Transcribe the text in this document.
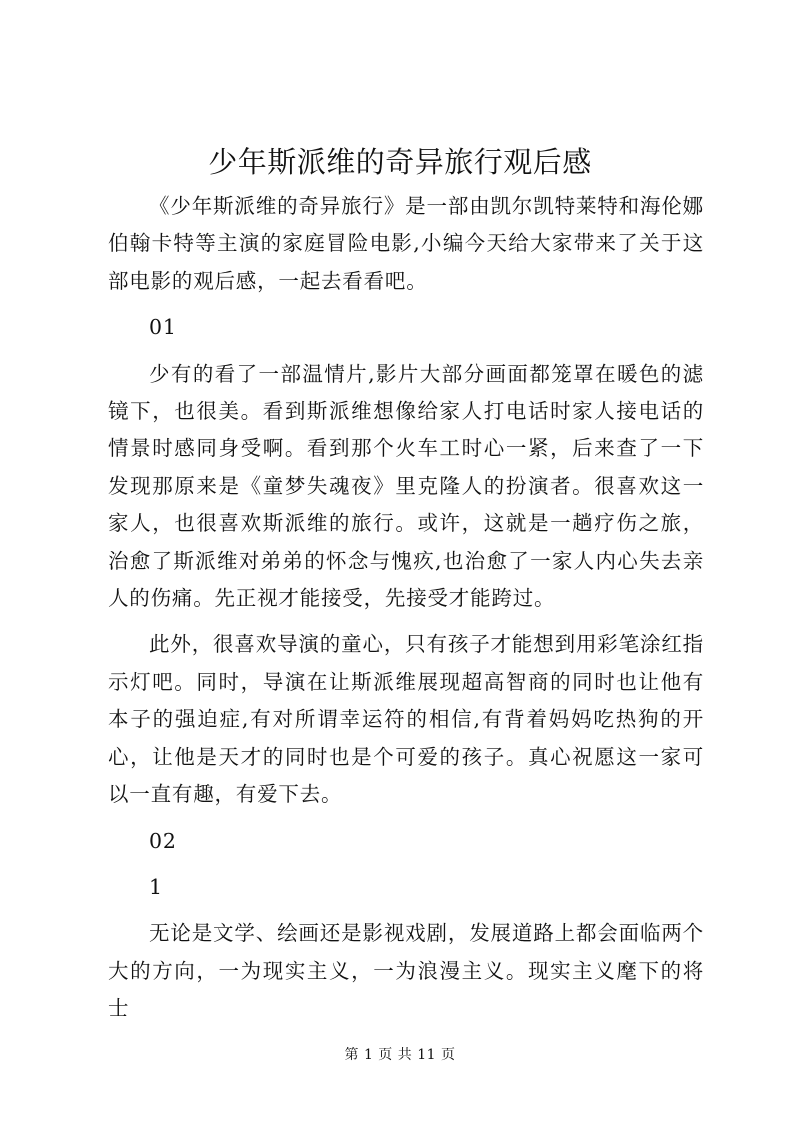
少年斯派维的奇异旅行观后感

《少年斯派维的奇异旅行》是一部由凯尔凯特莱特和海伦娜伯翰卡特等主演的家庭冒险电影,小编今天给大家带来了关于这部电影的观后感，一起去看看吧。

01

少有的看了一部温情片,影片大部分画面都笼罩在暖色的滤镜下，也很美。看到斯派维想像给家人打电话时家人接电话的情景时感同身受啊。看到那个火车工时心一紧，后来查了一下发现那原来是《童梦失魂夜》里克隆人的扮演者。很喜欢这一家人，也很喜欢斯派维的旅行。或许，这就是一趟疗伤之旅，治愈了斯派维对弟弟的怀念与愧疚,也治愈了一家人内心失去亲人的伤痛。先正视才能接受，先接受才能跨过。

此外，很喜欢导演的童心，只有孩子才能想到用彩笔涂红指示灯吧。同时，导演在让斯派维展现超高智商的同时也让他有本子的强迫症,有对所谓幸运符的相信,有背着妈妈吃热狗的开心，让他是天才的同时也是个可爱的孩子。真心祝愿这一家可以一直有趣，有爱下去。

02

1

无论是文学、绘画还是影视戏剧，发展道路上都会面临两个大的方向，一为现实主义，一为浪漫主义。现实主义麾下的将士

第 1 页 共 11 页
